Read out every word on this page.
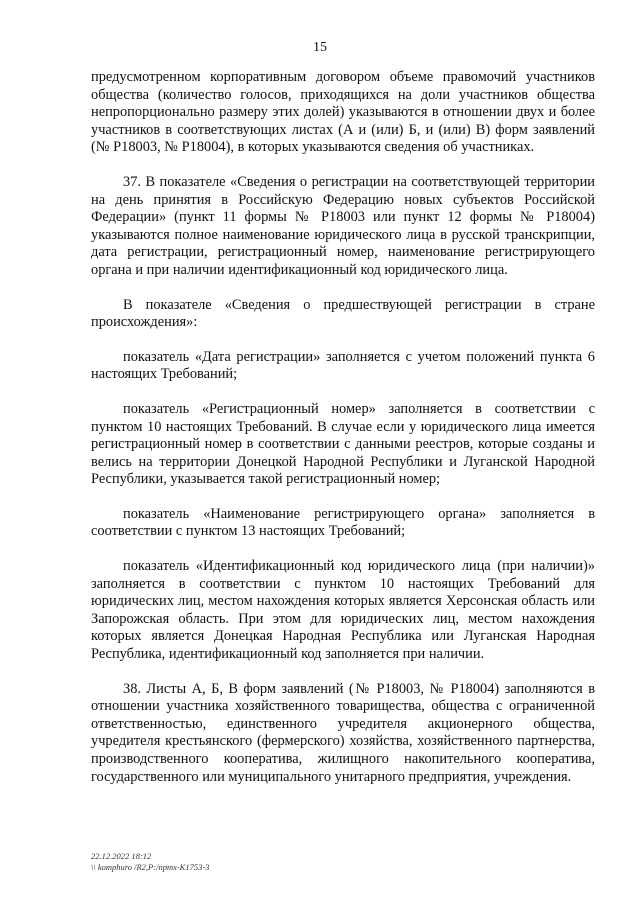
15

предусмотренном корпоративным договором объеме правомочий участников общества (количество голосов, приходящихся на доли участников общества непропорционально размеру этих долей) указываются в отношении двух и более участников в соответствующих листах (А и (или) Б, и (или) В) форм заявлений (№ Р18003, № Р18004), в которых указываются сведения об участниках.

37. В показателе «Сведения о регистрации на соответствующей территории на день принятия в Российскую Федерацию новых субъектов Российской Федерации» (пункт 11 формы № Р18003 или пункт 12 формы № Р18004) указываются полное наименование юридического лица в русской транскрипции, дата регистрации, регистрационный номер, наименование регистрирующего органа и при наличии идентификационный код юридического лица.

В показателе «Сведения о предшествующей регистрации в стране происхождения»:

показатель «Дата регистрации» заполняется с учетом положений пункта 6 настоящих Требований;

показатель «Регистрационный номер» заполняется в соответствии с пунктом 10 настоящих Требований. В случае если у юридического лица имеется регистрационный номер в соответствии с данными реестров, которые созданы и велись на территории Донецкой Народной Республики и Луганской Народной Республики, указывается такой регистрационный номер;

показатель «Наименование регистрирующего органа» заполняется в соответствии с пунктом 13 настоящих Требований;

показатель «Идентификационный код юридического лица (при наличии)» заполняется в соответствии с пунктом 10 настоящих Требований для юридических лиц, местом нахождения которых является Херсонская область или Запорожская область. При этом для юридических лиц, местом нахождения которых является Донецкая Народная Республика или Луганская Народная Республика, идентификационный код заполняется при наличии.

38. Листы А, Б, В форм заявлений (№ Р18003, № Р18004) заполняются в отношении участника хозяйственного товарищества, общества с ограниченной ответственностью, единственного учредителя акционерного общества, учредителя крестьянского (фермерского) хозяйства, хозяйственного партнерства, производственного кооператива, жилищного накопительного кооператива, государственного или муниципального унитарного предприятия, учреждения.

22.12.2022 18:12
\\ komphuro /R2,P:/npmx-K1753-3
